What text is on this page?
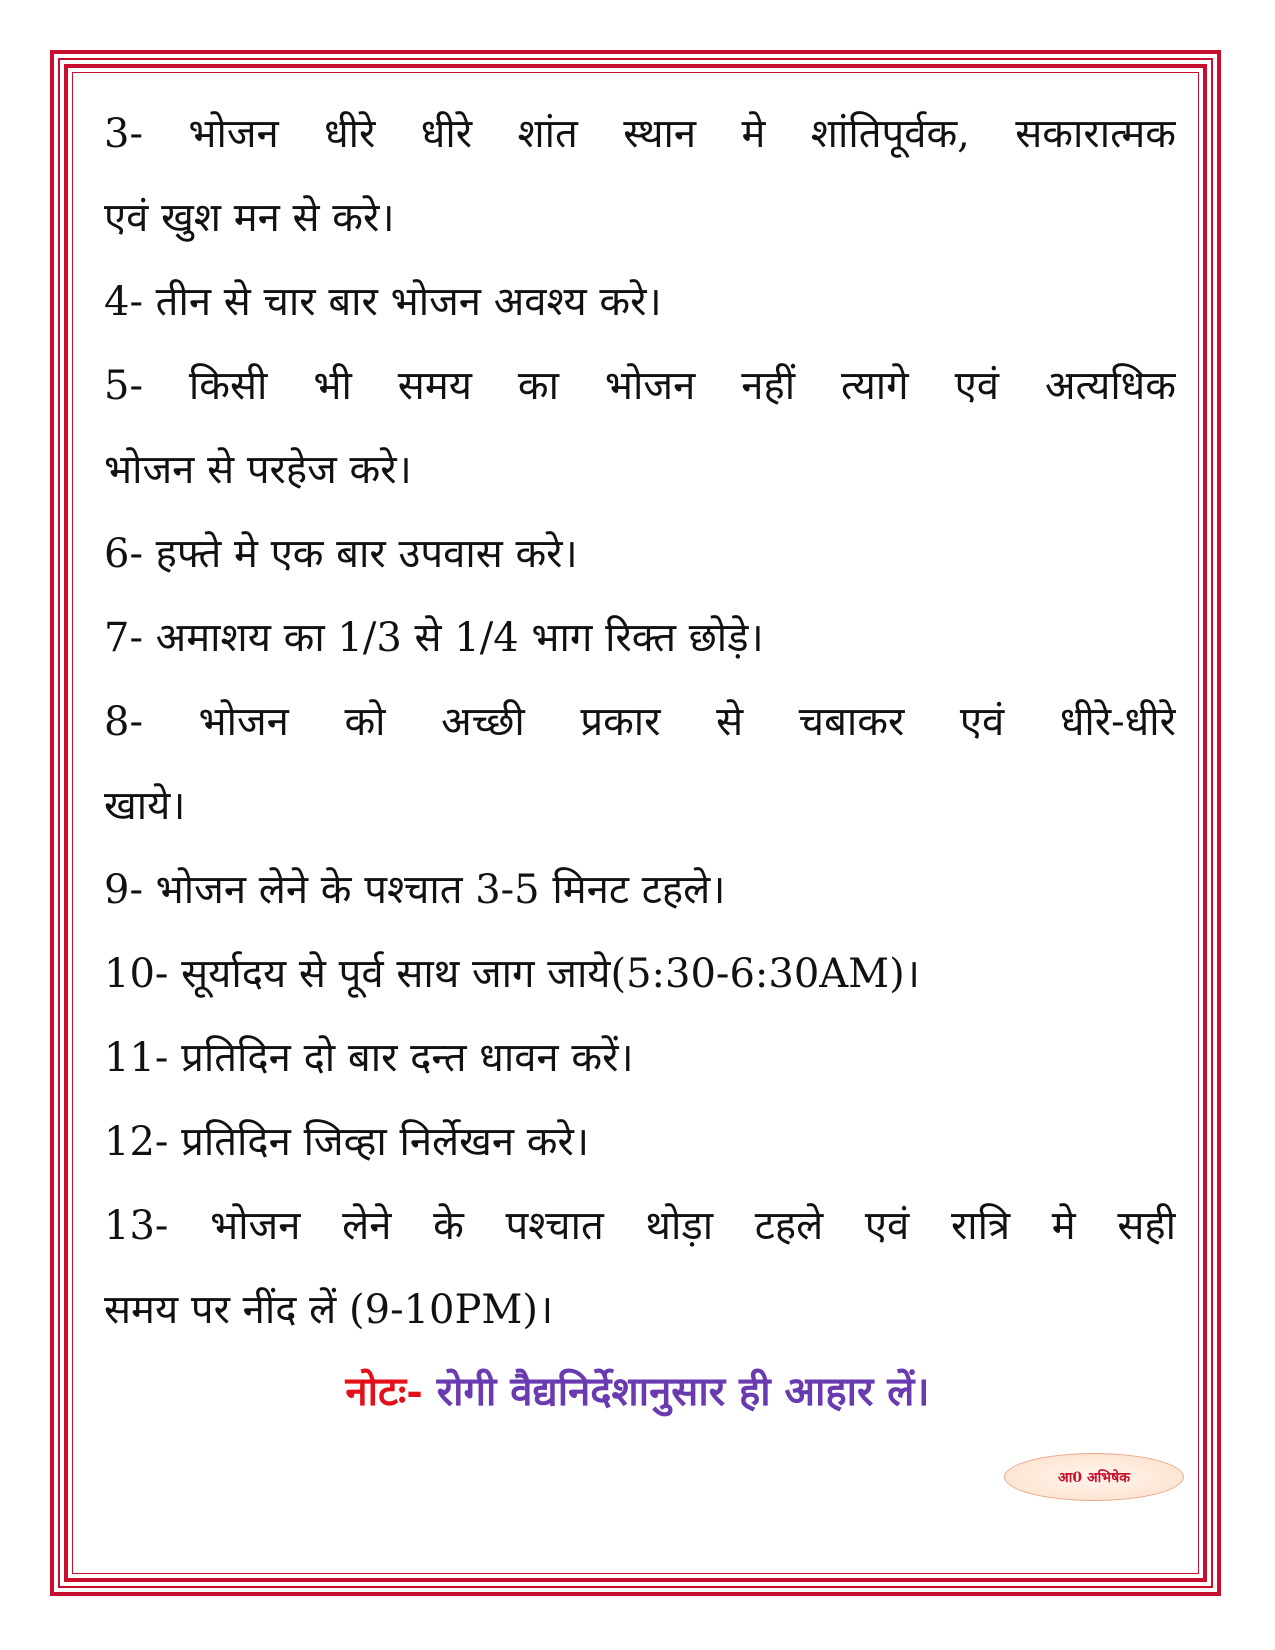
3- भोजन धीरे धीरे शांत स्थान मे शांतिपूर्वक, सकारात्मक
एवं खुश मन से करे।
4- तीन से चार बार भोजन अवश्य करे।
5- किसी भी समय का भोजन नहीं त्यागे एवं अत्यधिक
भोजन से परहेज करे।
6- हफ्ते मे एक बार उपवास करे।
7- अमाशय का 1/3 से 1/4 भाग रिक्त छोड़े।
8- भोजन को अच्छी प्रकार से चबाकर एवं धीरे-धीरे
खाये।
9- भोजन लेने के पश्चात 3-5 मिनट टहले।
10- सूर्यादय से पूर्व साथ जाग जाये(5:30-6:30AM)।
11- प्रतिदिन दो बार दन्त धावन करें।
12- प्रतिदिन जिव्हा निर्लेखन करे।
13- भोजन लेने के पश्चात थोड़ा टहले एवं रात्रि मे सही
समय पर नींद लें (9-10PM)।
नोटः- रोगी वैद्यनिर्देशानुसार ही आहार लें।
आ0 अभिषेक
